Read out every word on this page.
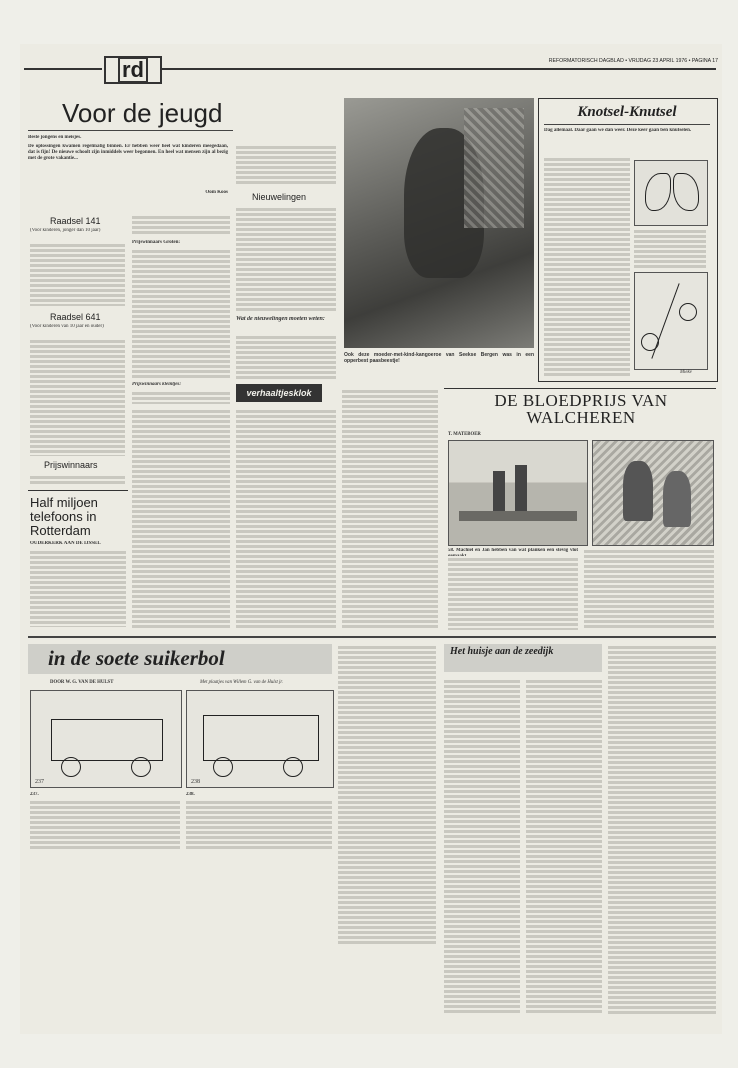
rd	REFORMATORISCH DAGBLAD • VRIJDAG 23 APRIL 1976 • PAGINA 17
Voor de jeugd
Beste jongens en meisjes.
De oplossingen kwamen regelmatig binnen. Er hebben weer heel wat kinderen meegedaan, dat is fijn! De nieuwe schoolt zijn inmiddels weer begonnen. En heel wat mensen zijn al bezig met de grote vakantie...
Oom Koos
Raadsel 141
(Voor kinderen, jonger dan 10 jaar)
Raadsel 641
(Voor kinderen van 10 jaar en ouder)
Prijswinnaars
Prijswinnaars Groten:
Prijswinnaars kleintjes:
Nieuwelingen
Wat de nieuwelingen moeten weten:
Ook deze moeder-met-kind-kangoeroe van Seekse Bergen was in een opperbest paasbeestje!
Knotsel-Knutsel
Dag allemaal. Daar gaan we dan weer. Deze keer gaan ben knutselen.
Mieke
Half miljoen telefoons in Rotterdam
OUDERKERK AAN DE IJSSEL
verhaaltjesklok	DE BLOEDPRIJS VAN WALCHEREN
T. MATEBOER
58. Machiel en Jan hebben van wat planken een stevig vlot
in de soete suikerbol
DOOR W. G. VAN DE HULST	Met plaatjes van Willem G. van de Hulst jr.
237	238
237.	238.
Het huisje aan de zeedijk
